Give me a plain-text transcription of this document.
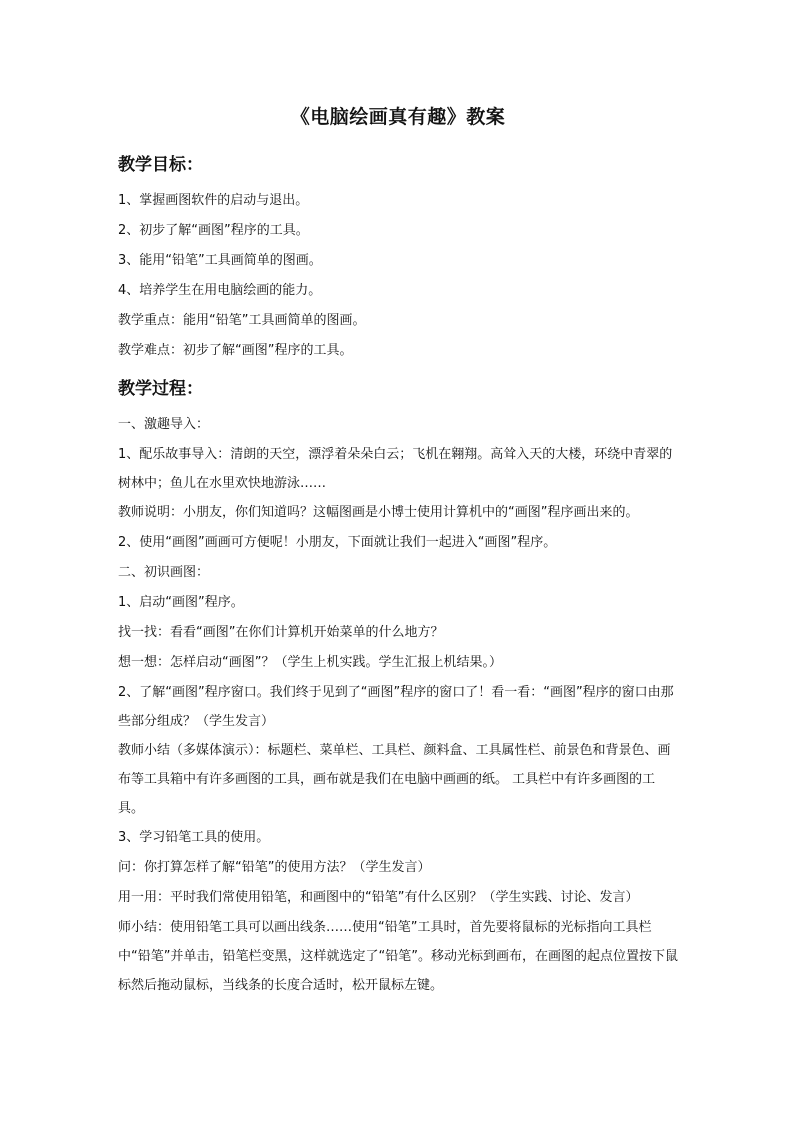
《电脑绘画真有趣》教案
教学目标：

1、掌握画图软件的启动与退出。

2、初步了解“画图”程序的工具。

3、能用“铅笔”工具画简单的图画。

4、培养学生在用电脑绘画的能力。

教学重点：能用“铅笔”工具画简单的图画。

教学难点：初步了解“画图”程序的工具。

教学过程：

一、激趣导入：

1、配乐故事导入：清朗的天空，漂浮着朵朵白云；飞机在翱翔。高耸入天的大楼，环绕中青翠的树林中；鱼儿在水里欢快地游泳……

教师说明：小朋友，你们知道吗？这幅图画是小博士使用计算机中的“画图”程序画出来的。

2、使用“画图”画画可方便呢！小朋友，下面就让我们一起进入“画图”程序。

二、初识画图：

1、启动“画图”程序。

找一找：看看“画图”在你们计算机开始菜单的什么地方？

想一想：怎样启动“画图”？（学生上机实践。学生汇报上机结果。）

2、了解“画图”程序窗口。我们终于见到了“画图”程序的窗口了！看一看：“画图”程序的窗口由那些部分组成？（学生发言）

教师小结（多媒体演示）：标题栏、菜单栏、工具栏、颜料盒、工具属性栏、前景色和背景色、画布等工具箱中有许多画图的工具，画布就是我们在电脑中画画的纸。 工具栏中有许多画图的工具。

3、学习铅笔工具的使用。

问：你打算怎样了解“铅笔”的使用方法？（学生发言）

用一用：平时我们常使用铅笔，和画图中的“铅笔”有什么区别？（学生实践、讨论、发言）

师小结：使用铅笔工具可以画出线条……使用“铅笔”工具时，首先要将鼠标的光标指向工具栏中“铅笔”并单击，铅笔栏变黑，这样就选定了“铅笔”。移动光标到画布，在画图的起点位置按下鼠标然后拖动鼠标，当线条的长度合适时，松开鼠标左键。
